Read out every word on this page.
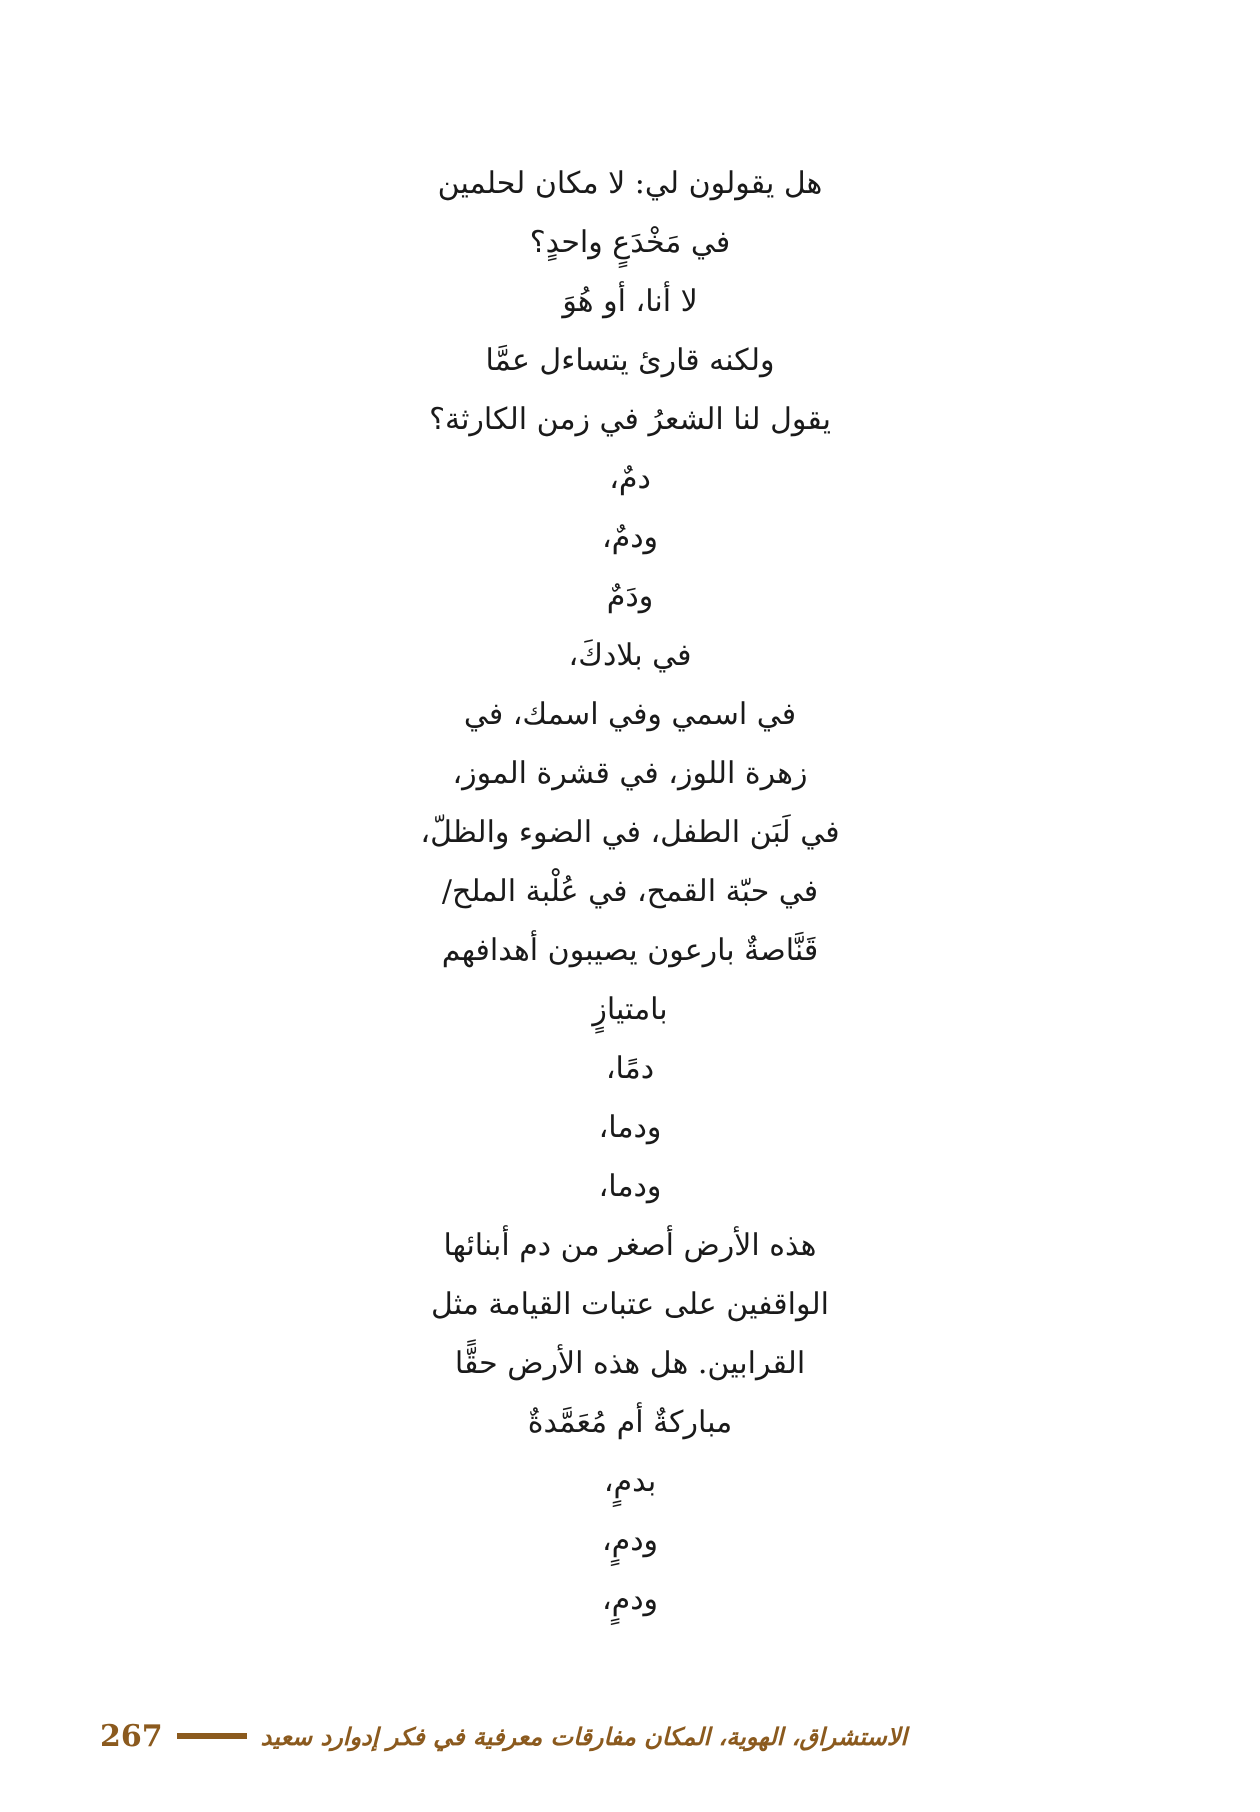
هل يقولون لي: لا مكان لحلمين
في مَخْدَعٍ واحدٍ؟
لا أنا، أو هُوَ
ولكنه قارئ يتساءل عمَّا
يقول لنا الشعرُ في زمن الكارثة؟
دمٌ،
ودمٌ،
ودَمٌ
في بلادكَ،
في اسمي وفي اسمك، في
زهرة اللوز، في قشرة الموز،
في لَبَن الطفل، في الضوء والظلّ،
في حبّة القمح، في عُلْبة الملح/
قَنَّاصةٌ بارعون يصيبون أهدافهم
بامتيازٍ
دمًا،
ودما،
ودما،
هذه الأرض أصغر من دم أبنائها
الواقفين على عتبات القيامة مثل
القرابين. هل هذه الأرض حقًّا
مباركةٌ أم مُعَمَّدةٌ
بدمٍ،
ودمٍ،
ودمٍ،
267	الاستشراق، الهوية، المكان مفارقات معرفية في فكر إدوارد سعيد
